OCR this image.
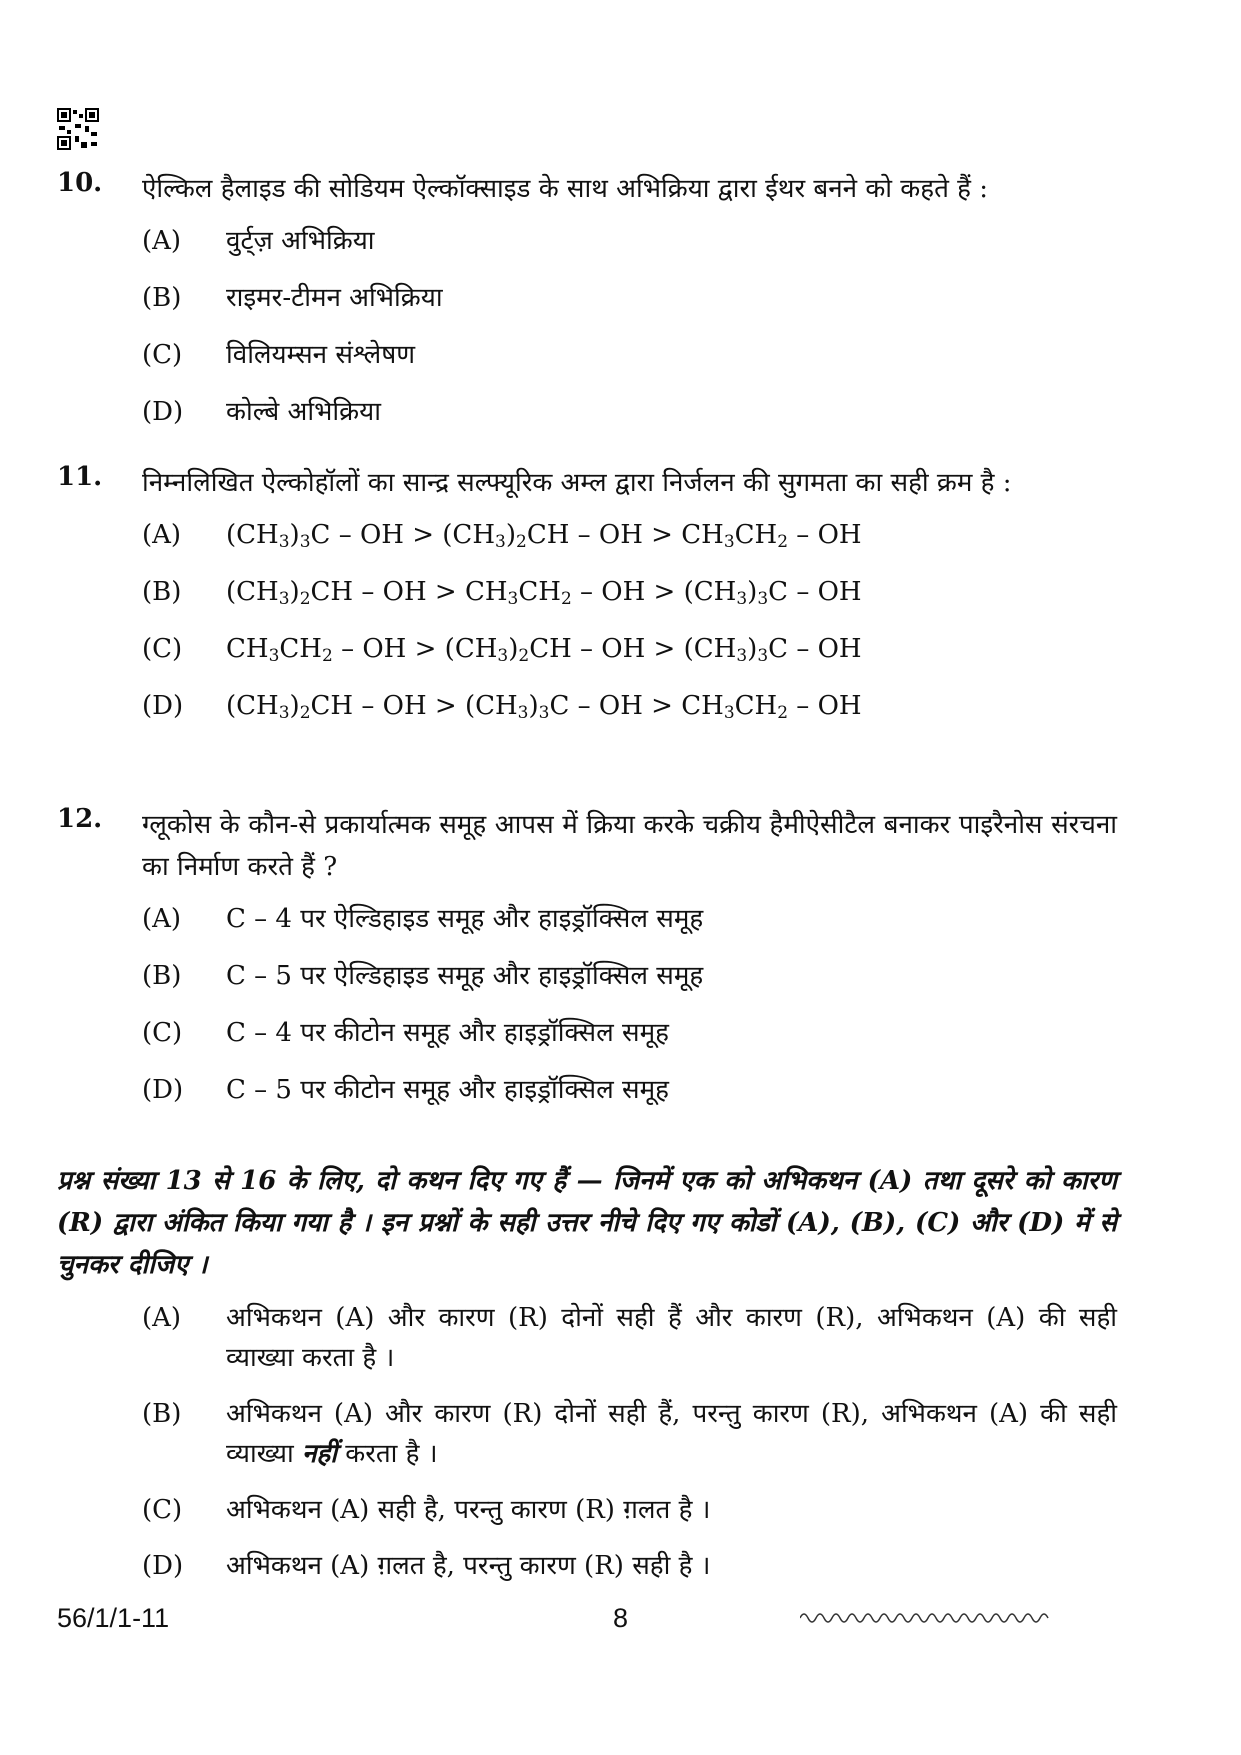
10. ऐल्किल हैलाइड की सोडियम ऐल्कॉक्साइड के साथ अभिक्रिया द्वारा ईथर बनने को कहते हैं :
(A) वुर्ट्ज़ अभिक्रिया
(B) राइमर-टीमन अभिक्रिया
(C) विलियम्सन संश्लेषण
(D) कोल्बे अभिक्रिया
11. निम्नलिखित ऐल्कोहॉलों का सान्द्र सल्फ्यूरिक अम्ल द्वारा निर्जलन की सुगमता का सही क्रम है :
(A) $(CH_3)_3C$ – OH > $(CH_3)_2CH$ – OH > $CH_3CH_2$ – OH
(B) $(CH_3)_2CH$ – OH > $CH_3CH_2$ – OH > $(CH_3)_3C$ – OH
(C) $CH_3CH_2$ – OH > $(CH_3)_2CH$ – OH > $(CH_3)_3C$ – OH
(D) $(CH_3)_2CH$ – OH > $(CH_3)_3C$ – OH > $CH_3CH_2$ – OH
12. ग्लूकोस के कौन-से प्रकार्यात्मक समूह आपस में क्रिया करके चक्रीय हैमीऐसीटैल बनाकर पाइरैनोस संरचना का निर्माण करते हैं ?
(A) C – 4 पर ऐल्डिहाइड समूह और हाइड्रॉक्सिल समूह
(B) C – 5 पर ऐल्डिहाइड समूह और हाइड्रॉक्सिल समूह
(C) C – 4 पर कीटोन समूह और हाइड्रॉक्सिल समूह
(D) C – 5 पर कीटोन समूह और हाइड्रॉक्सिल समूह
प्रश्न संख्या 13 से 16 के लिए, दो कथन दिए गए हैं — जिनमें एक को अभिकथन (A) तथा दूसरे को कारण (R) द्वारा अंकित किया गया है । इन प्रश्नों के सही उत्तर नीचे दिए गए कोडों (A), (B), (C) और (D) में से चुनकर दीजिए ।
(A) अभिकथन (A) और कारण (R) दोनों सही हैं और कारण (R), अभिकथन (A) की सही व्याख्या करता है ।
(B) अभिकथन (A) और कारण (R) दोनों सही हैं, परन्तु कारण (R), अभिकथन (A) की सही व्याख्या नहीं करता है ।
(C) अभिकथन (A) सही है, परन्तु कारण (R) ग़लत है ।
(D) अभिकथन (A) ग़लत है, परन्तु कारण (R) सही है ।
56/1/1-11	8
